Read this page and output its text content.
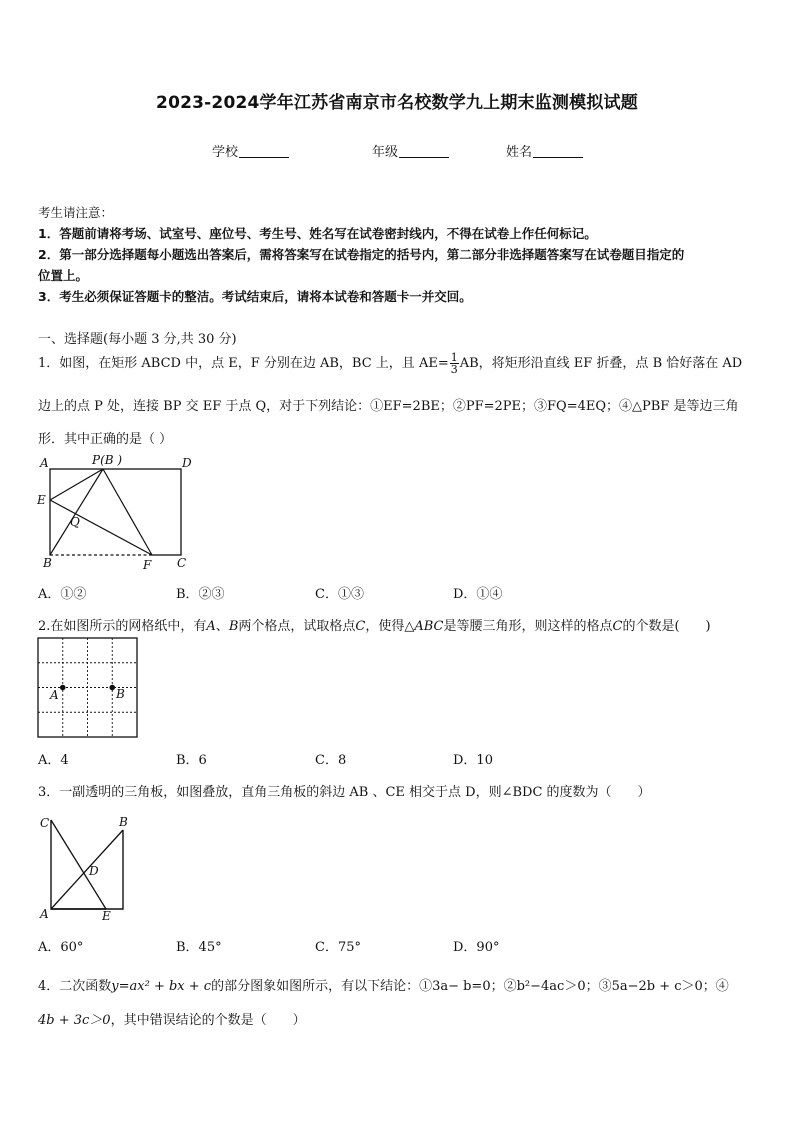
2023-2024学年江苏省南京市名校数学九上期末监测模拟试题
学校	年级	姓名
考生请注意：
1．答题前请将考场、试室号、座位号、考生号、姓名写在试卷密封线内，不得在试卷上作任何标记。
2．第一部分选择题每小题选出答案后，需将答案写在试卷指定的括号内，第二部分非选择题答案写在试卷题目指定的
位置上。
3．考生必须保证答题卡的整洁。考试结束后，请将本试卷和答题卡一并交回。
一、选择题(每小题 3 分,共 30 分)
1．如图，在矩形 ABCD 中，点 E，F 分别在边 AB，BC 上，且 $AE= \frac{1}{3}$ AB，将矩形沿直线 EF 折叠，点 B 恰好落在 AD
边上的点 P 处，连接 BP 交 EF 于点 Q，对于下列结论：①EF=2BE；②PF=2PE；③FQ=4EQ；④△PBF 是等边三角
形．其中正确的是（ ）
A	P(B )	D
E
Q
B	F C
A．①②	B．②③	C．①③	D．①④
2.在如图所示的网格纸中，有A、B两个格点，试取格点C，使得△ABC是等腰三角形，则这样的格点C的个数是(　　)
A	B
A．4	B．6	C．8	D．10
3．一副透明的三角板，如图叠放，直角三角板的斜边 AB 、CE 相交于点 D，则∠BDC 的度数为（　　）
C	B
D
A	E
A．60°	B．45°	C．75°	D．90°
4．二次函数y=ax² + bx + c的部分图象如图所示，有以下结论：①3a− b=0；②b²−4ac＞0；③5a−2b + c＞0；④
4b + 3c＞0，其中错误结论的个数是（　　）
